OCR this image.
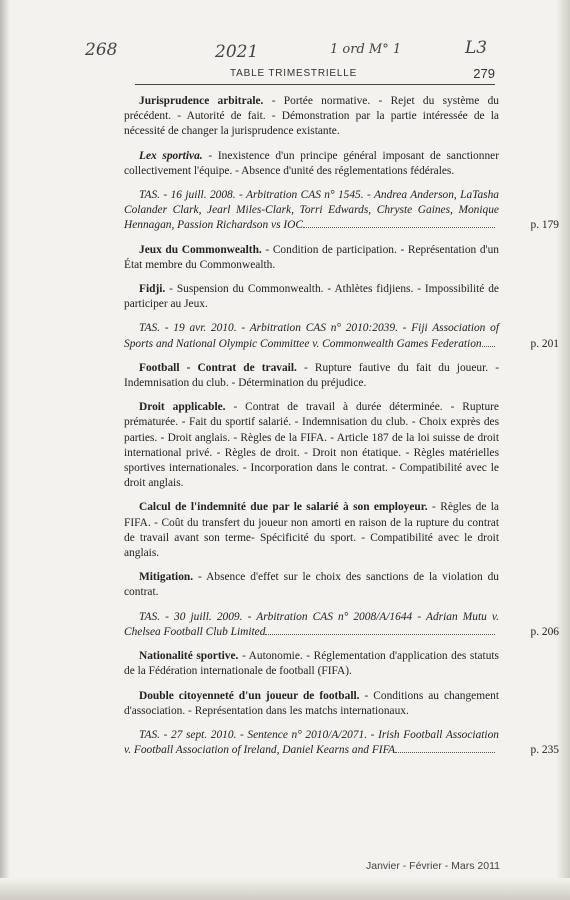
268	2021	1 ord M° 1	L3
TABLE TRIMESTRIELLE	279

Jurisprudence arbitrale. - Portée normative. - Rejet du système du précédent. - Autorité de fait. - Démonstration par la partie intéressée de la nécessité de changer la jurisprudence existante.

Lex sportiva. - Inexistence d'un principe général imposant de sanctionner collectivement l'équipe. - Absence d'unité des réglementations fédérales.

TAS. - 16 juill. 2008. - Arbitration CAS n° 1545. - Andrea Anderson, LaTasha Colander Clark, Jearl Miles-Clark, Torri Edwards, Chryste Gaines, Monique Hennagan, Passion Richardson vs IOC	p. 179

Jeux du Commonwealth. - Condition de participation. - Représentation d'un État membre du Commonwealth.

Fidji. - Suspension du Commonwealth. - Athlètes fidjiens. - Impossibilité de participer au Jeux.

TAS. - 19 avr. 2010. - Arbitration CAS n° 2010:2039. - Fiji Association of Sports and National Olympic Committee v. Commonwealth Games Federation	p. 201

Football - Contrat de travail. - Rupture fautive du fait du joueur. - Indemnisation du club. - Détermination du préjudice.

Droit applicable. - Contrat de travail à durée déterminée. - Rupture prématurée. - Fait du sportif salarié. - Indemnisation du club. - Choix exprès des parties. - Droit anglais. - Règles de la FIFA. - Article 187 de la loi suisse de droit international privé. - Règles de droit. - Droit non étatique. - Règles matérielles sportives internationales. - Incorporation dans le contrat. - Compatibilité avec le droit anglais.

Calcul de l'indemnité due par le salarié à son employeur. - Règles de la FIFA. - Coût du transfert du joueur non amorti en raison de la rupture du contrat de travail avant son terme- Spécificité du sport. - Compatibilité avec le droit anglais.

Mitigation. - Absence d'effet sur le choix des sanctions de la violation du contrat.

TAS. - 30 juill. 2009. - Arbitration CAS n° 2008/A/1644 - Adrian Mutu v. Chelsea Football Club Limited	p. 206

Nationalité sportive. - Autonomie. - Réglementation d'application des statuts de la Fédération internationale de football (FIFA).

Double citoyenneté d'un joueur de football. - Conditions au changement d'association. - Représentation dans les matchs internationaux.

TAS. - 27 sept. 2010. - Sentence n° 2010/A/2071. - Irish Football Association v. Football Association of Ireland, Daniel Kearns and FIFA	p. 235

Janvier - Février - Mars 2011
